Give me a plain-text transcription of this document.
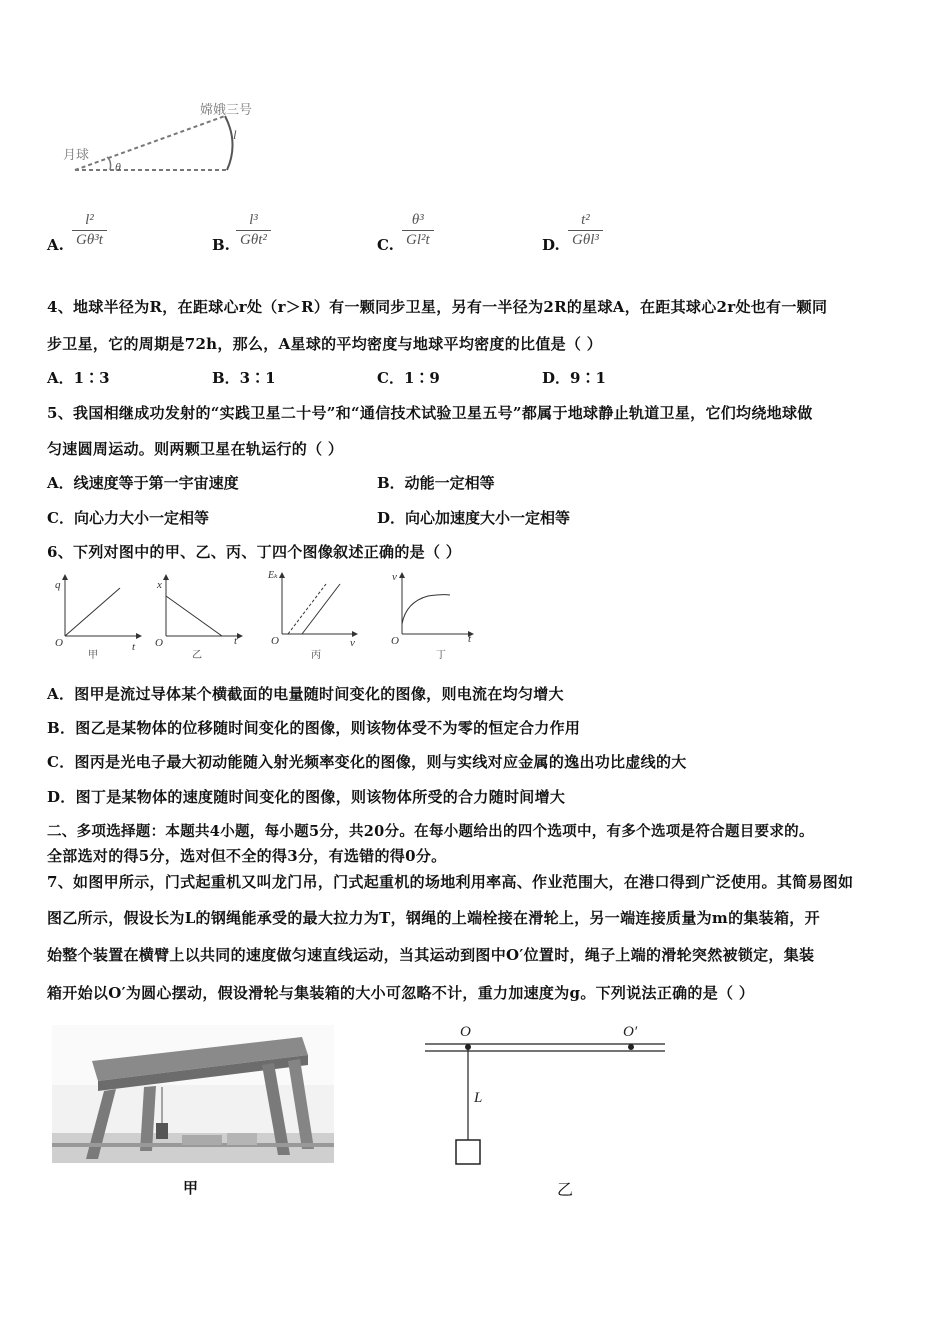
嫦娥三号
月球
l
θ
A.
l²
Gθ³t	B.
l³
Gθt²	C.
θ³
Gl²t	D.
t²
Gθl³
4、地球半径为R，在距球心r处（r＞R）有一颗同步卫星，另有一半径为2R的星球A，在距其球心2r处也有一颗同
步卫星，它的周期是72h，那么，A星球的平均密度与地球平均密度的比值是（ ）
A．1∶3	B．3∶1	C．1∶9	D．9∶1
5、我国相继成功发射的“实践卫星二十号”和“通信技术试验卫星五号”都属于地球静止轨道卫星，它们均绕地球做
匀速圆周运动。则两颗卫星在轨运行的（ ）
A．线速度等于第一宇宙速度	B．动能一定相等
C．向心力大小一定相等	D．向心加速度大小一定相等
6、下列对图中的甲、乙、丙、丁四个图像叙述正确的是（ ）
q
t
O
甲
x
t
O
乙
Eₖ
v
O
丙
v
t
O
丁
A．图甲是流过导体某个横截面的电量随时间变化的图像，则电流在均匀增大
B．图乙是某物体的位移随时间变化的图像，则该物体受不为零的恒定合力作用
C．图丙是光电子最大初动能随入射光频率变化的图像，则与实线对应金属的逸出功比虚线的大
D．图丁是某物体的速度随时间变化的图像，则该物体所受的合力随时间增大
二、多项选择题：本题共4小题，每小题5分，共20分。在每小题给出的四个选项中，有多个选项是符合题目要求的。
全部选对的得5分，选对但不全的得3分，有选错的得0分。
7、如图甲所示，门式起重机又叫龙门吊，门式起重机的场地利用率高、作业范围大，在港口得到广泛使用。其简易图如
图乙所示，假设长为L的钢绳能承受的最大拉力为T，钢绳的上端栓接在滑轮上，另一端连接质量为m的集装箱，开
始整个装置在横臂上以共同的速度做匀速直线运动，当其运动到图中O′位置时，绳子上端的滑轮突然被锁定，集装
箱开始以O′为圆心摆动，假设滑轮与集装箱的大小可忽略不计，重力加速度为g。下列说法正确的是（ ）
甲
O	O′
L
乙
